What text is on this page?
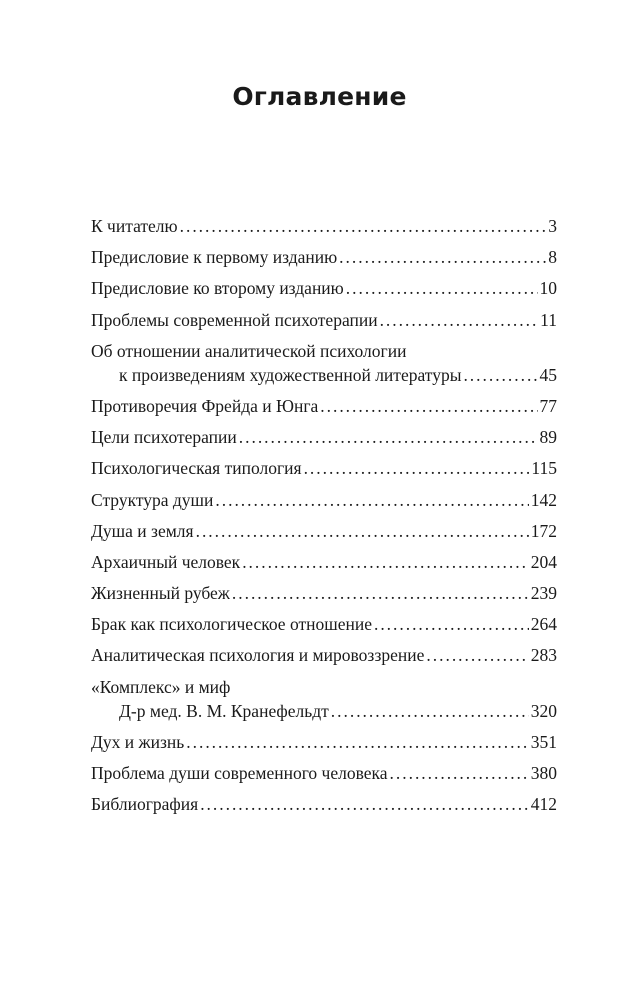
Оглавление
К читателю . . .	3
Предисловие к первому изданию . . .	8
Предисловие ко второму изданию . . .	10
Проблемы современной психотерапии . . .	11
Об отношении аналитической психологии
к произведениям художественной литературы . . .	45
Противоречия Фрейда и Юнга . . .	77
Цели психотерапии . . .	89
Психологическая типология . . .	115
Структура души . . .	142
Душа и земля . . .	172
Архаичный человек . . .	204
Жизненный рубеж . . .	239
Брак как психологическое отношение . . .	264
Аналитическая психология и мировоззрение . . .	283
«Комплекс» и миф
Д-р мед. В. М. Кранефельдт . . .	320
Дух и жизнь . . .	351
Проблема души современного человека . . .	380
Библиография . . .	412
